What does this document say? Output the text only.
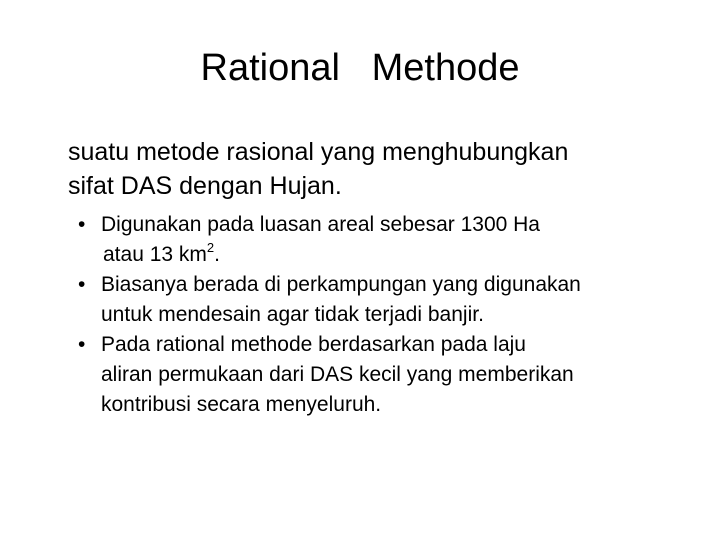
Rational   Methode
suatu metode rasional yang menghubungkan
sifat DAS dengan Hujan.
• Digunakan pada luasan areal sebesar 1300 Ha
atau 13 $km^2$.
• Biasanya berada di perkampungan yang digunakan
untuk mendesain agar tidak terjadi banjir.
• Pada rational methode berdasarkan pada laju
aliran permukaan dari DAS kecil yang memberikan
kontribusi secara menyeluruh.
